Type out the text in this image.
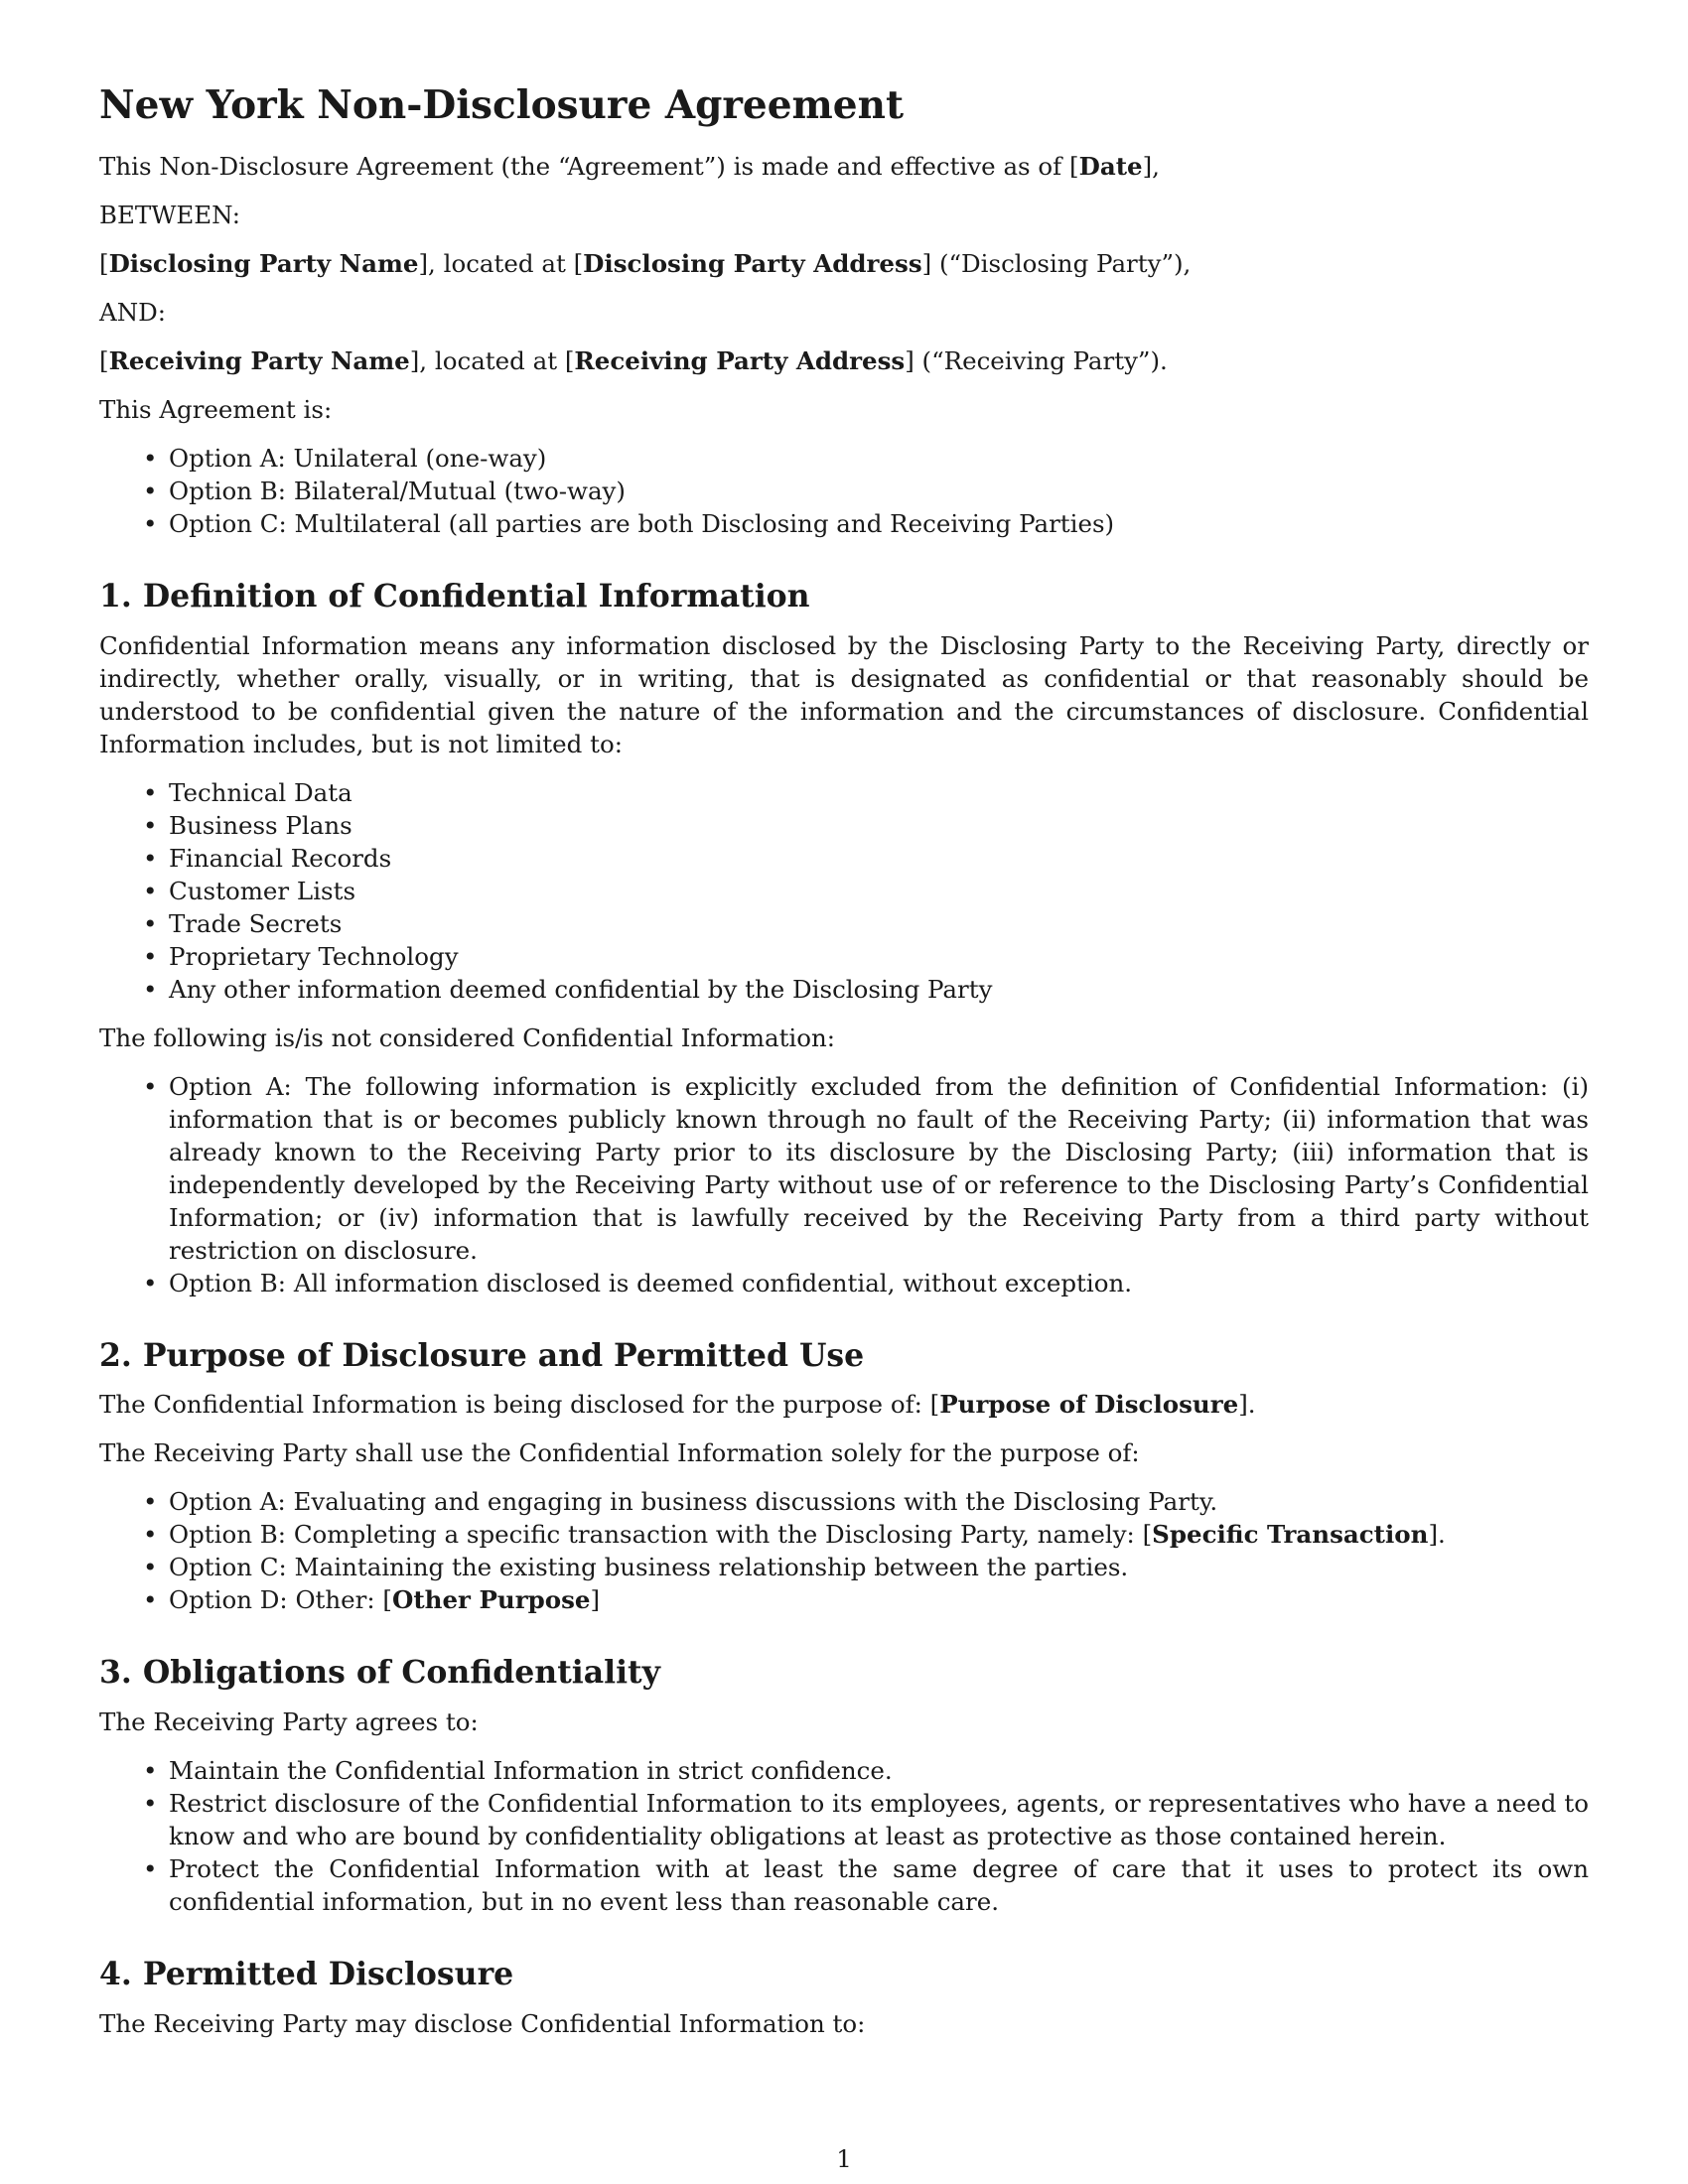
New York Non-Disclosure Agreement

This Non-Disclosure Agreement (the “Agreement”) is made and effective as of [Date],

BETWEEN:

[Disclosing Party Name], located at [Disclosing Party Address] (“Disclosing Party”),

AND:

[Receiving Party Name], located at [Receiving Party Address] (“Receiving Party”).

This Agreement is:

• Option A: Unilateral (one-way)
• Option B: Bilateral/Mutual (two-way)
• Option C: Multilateral (all parties are both Disclosing and Receiving Parties)
1. Definition of Confidential Information

Confidential Information means any information disclosed by the Disclosing Party to the Receiving Party, directly or indirectly, whether orally, visually, or in writing, that is designated as confidential or that reasonably should be understood to be confidential given the nature of the information and the circumstances of disclosure. Confidential Information includes, but is not limited to:

• Technical Data
• Business Plans
• Financial Records
• Customer Lists
• Trade Secrets
• Proprietary Technology
• Any other information deemed confidential by the Disclosing Party

The following is/is not considered Confidential Information:

• Option A: The following information is explicitly excluded from the definition of Confidential Information: (i) information that is or becomes publicly known through no fault of the Receiving Party; (ii) information that was already known to the Receiving Party prior to its disclosure by the Disclosing Party; (iii) information that is independently developed by the Receiving Party without use of or reference to the Disclosing Party’s Confidential Information; or (iv) information that is lawfully received by the Receiving Party from a third party without restriction on disclosure.
• Option B: All information disclosed is deemed confidential, without exception.
2. Purpose of Disclosure and Permitted Use

The Confidential Information is being disclosed for the purpose of: [Purpose of Disclosure].

The Receiving Party shall use the Confidential Information solely for the purpose of:

• Option A: Evaluating and engaging in business discussions with the Disclosing Party.
• Option B: Completing a specific transaction with the Disclosing Party, namely: [Specific Transaction].
• Option C: Maintaining the existing business relationship between the parties.
• Option D: Other: [Other Purpose]
3. Obligations of Confidentiality

The Receiving Party agrees to:

• Maintain the Confidential Information in strict confidence.
• Restrict disclosure of the Confidential Information to its employees, agents, or representatives who have a need to know and who are bound by confidentiality obligations at least as protective as those contained herein.
• Protect the Confidential Information with at least the same degree of care that it uses to protect its own confidential information, but in no event less than reasonable care.
4. Permitted Disclosure

The Receiving Party may disclose Confidential Information to:

1
